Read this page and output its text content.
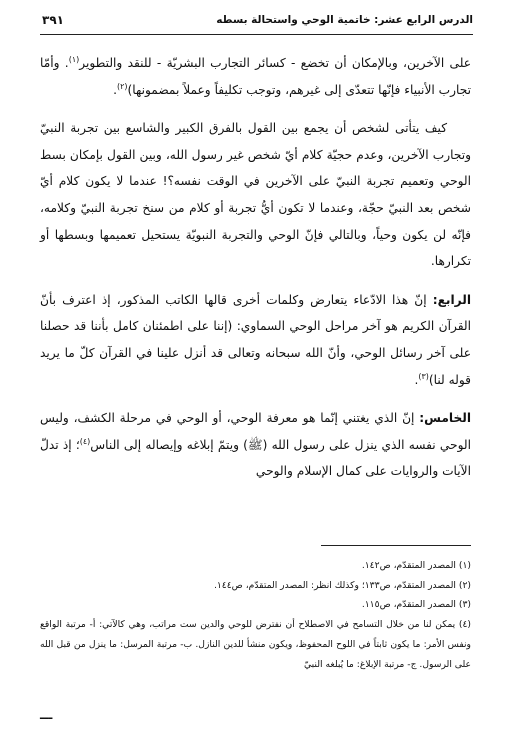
الدرس الرابع عشر: خاتمية الوحي واستحالة بسطه
٣٩١

على الآخرين، وبالإمكان أن تخضع - كسائر التجارب البشريّة - للنقد والتطوير$^{(١)}$. وأمّا تجارب الأنبياء فإنّها تتعدّى إلى غيرهم، وتوجب تكليفاً وعملاً بمضمونها)$^{(٢)}$.

كيف يتأتى لشخص أن يجمع بين القول بالفرق الكبير والشاسع بين تجربة النبيّ وتجارب الآخرين، وعدم حجيّة كلام أيّ شخص غير رسول الله، وبين القول بإمكان بسط الوحي وتعميم تجربة النبيّ على الآخرين في الوقت نفسه؟! عندما لا يكون كلام أيّ شخص بعد النبيّ حجّة، وعندما لا تكون أيُّ تجربة أو كلام من سنخ تجربة النبيّ وكلامه، فإنّه لن يكون وحياً، وبالتالي فإنّ الوحي والتجربة النبويّة يستحيل تعميمها وبسطها أو تكرارها.

الرابع: إنّ هذا الادّعاء يتعارض وكلمات أخرى قالها الكاتب المذكور، إذ اعترف بأنّ القرآن الكريم هو آخر مراحل الوحي السماوي: (إننا على اطمئنان كامل بأننا قد حصلنا على آخر رسائل الوحي، وأنّ الله سبحانه وتعالى قد أنزل علينا في القرآن كلّ ما يريد قوله لنا)$^{(٣)}$.

الخامس: إنّ الذي يغتني إنّما هو معرفة الوحي، أو الوحي في مرحلة الكشف، وليس الوحي نفسه الذي ينزل على رسول الله (ﷺ) ويتمّ إبلاغه وإيصاله إلى الناس$^{(٤)}$؛ إذ تدلّ الآيات والروايات على كمال الإسلام والوحي

(١) المصدر المتقدّم، ص١٤٢.

(٢) المصدر المتقدّم، ص١٣٣؛ وكذلك انظر: المصدر المتقدّم، ص١٤٤.

(٣) المصدر المتقدّم، ص١١٥.

(٤) يمكن لنا من خلال التسامح في الاصطلاح أن نفترض للوحي والدين ست مراتب، وهي كالآتي: أ- مرتبة الواقع ونفس الأمر: ما يكون ثابتاً في اللوح المحفوظ، ويكون منشأ للدين النازل. ب- مرتبة المرسل: ما ينزل من قبل الله على الرسول. ج- مرتبة الإبلاغ: ما يُبلغه النبيّ

ـــ
